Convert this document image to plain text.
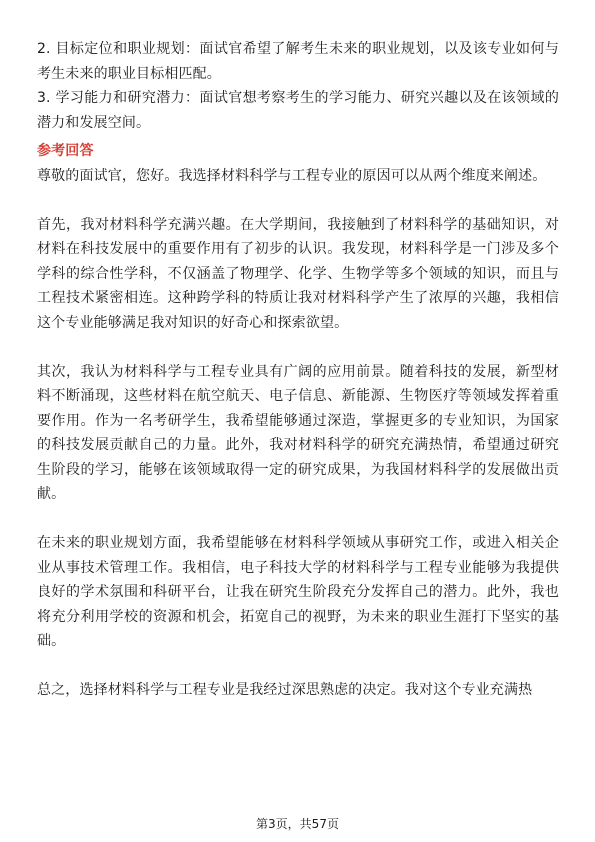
2. 目标定位和职业规划：面试官希望了解考生未来的职业规划，以及该专业如何与考生未来的职业目标相匹配。

3. 学习能力和研究潜力：面试官想考察考生的学习能力、研究兴趣以及在该领域的潜力和发展空间。

参考回答

尊敬的面试官，您好。我选择材料科学与工程专业的原因可以从两个维度来阐述。

首先，我对材料科学充满兴趣。在大学期间，我接触到了材料科学的基础知识，对材料在科技发展中的重要作用有了初步的认识。我发现，材料科学是一门涉及多个学科的综合性学科，不仅涵盖了物理学、化学、生物学等多个领域的知识，而且与工程技术紧密相连。这种跨学科的特质让我对材料科学产生了浓厚的兴趣，我相信这个专业能够满足我对知识的好奇心和探索欲望。

其次，我认为材料科学与工程专业具有广阔的应用前景。随着科技的发展，新型材料不断涌现，这些材料在航空航天、电子信息、新能源、生物医疗等领域发挥着重要作用。作为一名考研学生，我希望能够通过深造，掌握更多的专业知识，为国家的科技发展贡献自己的力量。此外，我对材料科学的研究充满热情，希望通过研究生阶段的学习，能够在该领域取得一定的研究成果，为我国材料科学的发展做出贡献。

在未来的职业规划方面，我希望能够在材料科学领域从事研究工作，或进入相关企业从事技术管理工作。我相信，电子科技大学的材料科学与工程专业能够为我提供良好的学术氛围和科研平台，让我在研究生阶段充分发挥自己的潜力。此外，我也将充分利用学校的资源和机会，拓宽自己的视野，为未来的职业生涯打下坚实的基础。

总之，选择材料科学与工程专业是我经过深思熟虑的决定。我对这个专业充满热

第3页，共57页
